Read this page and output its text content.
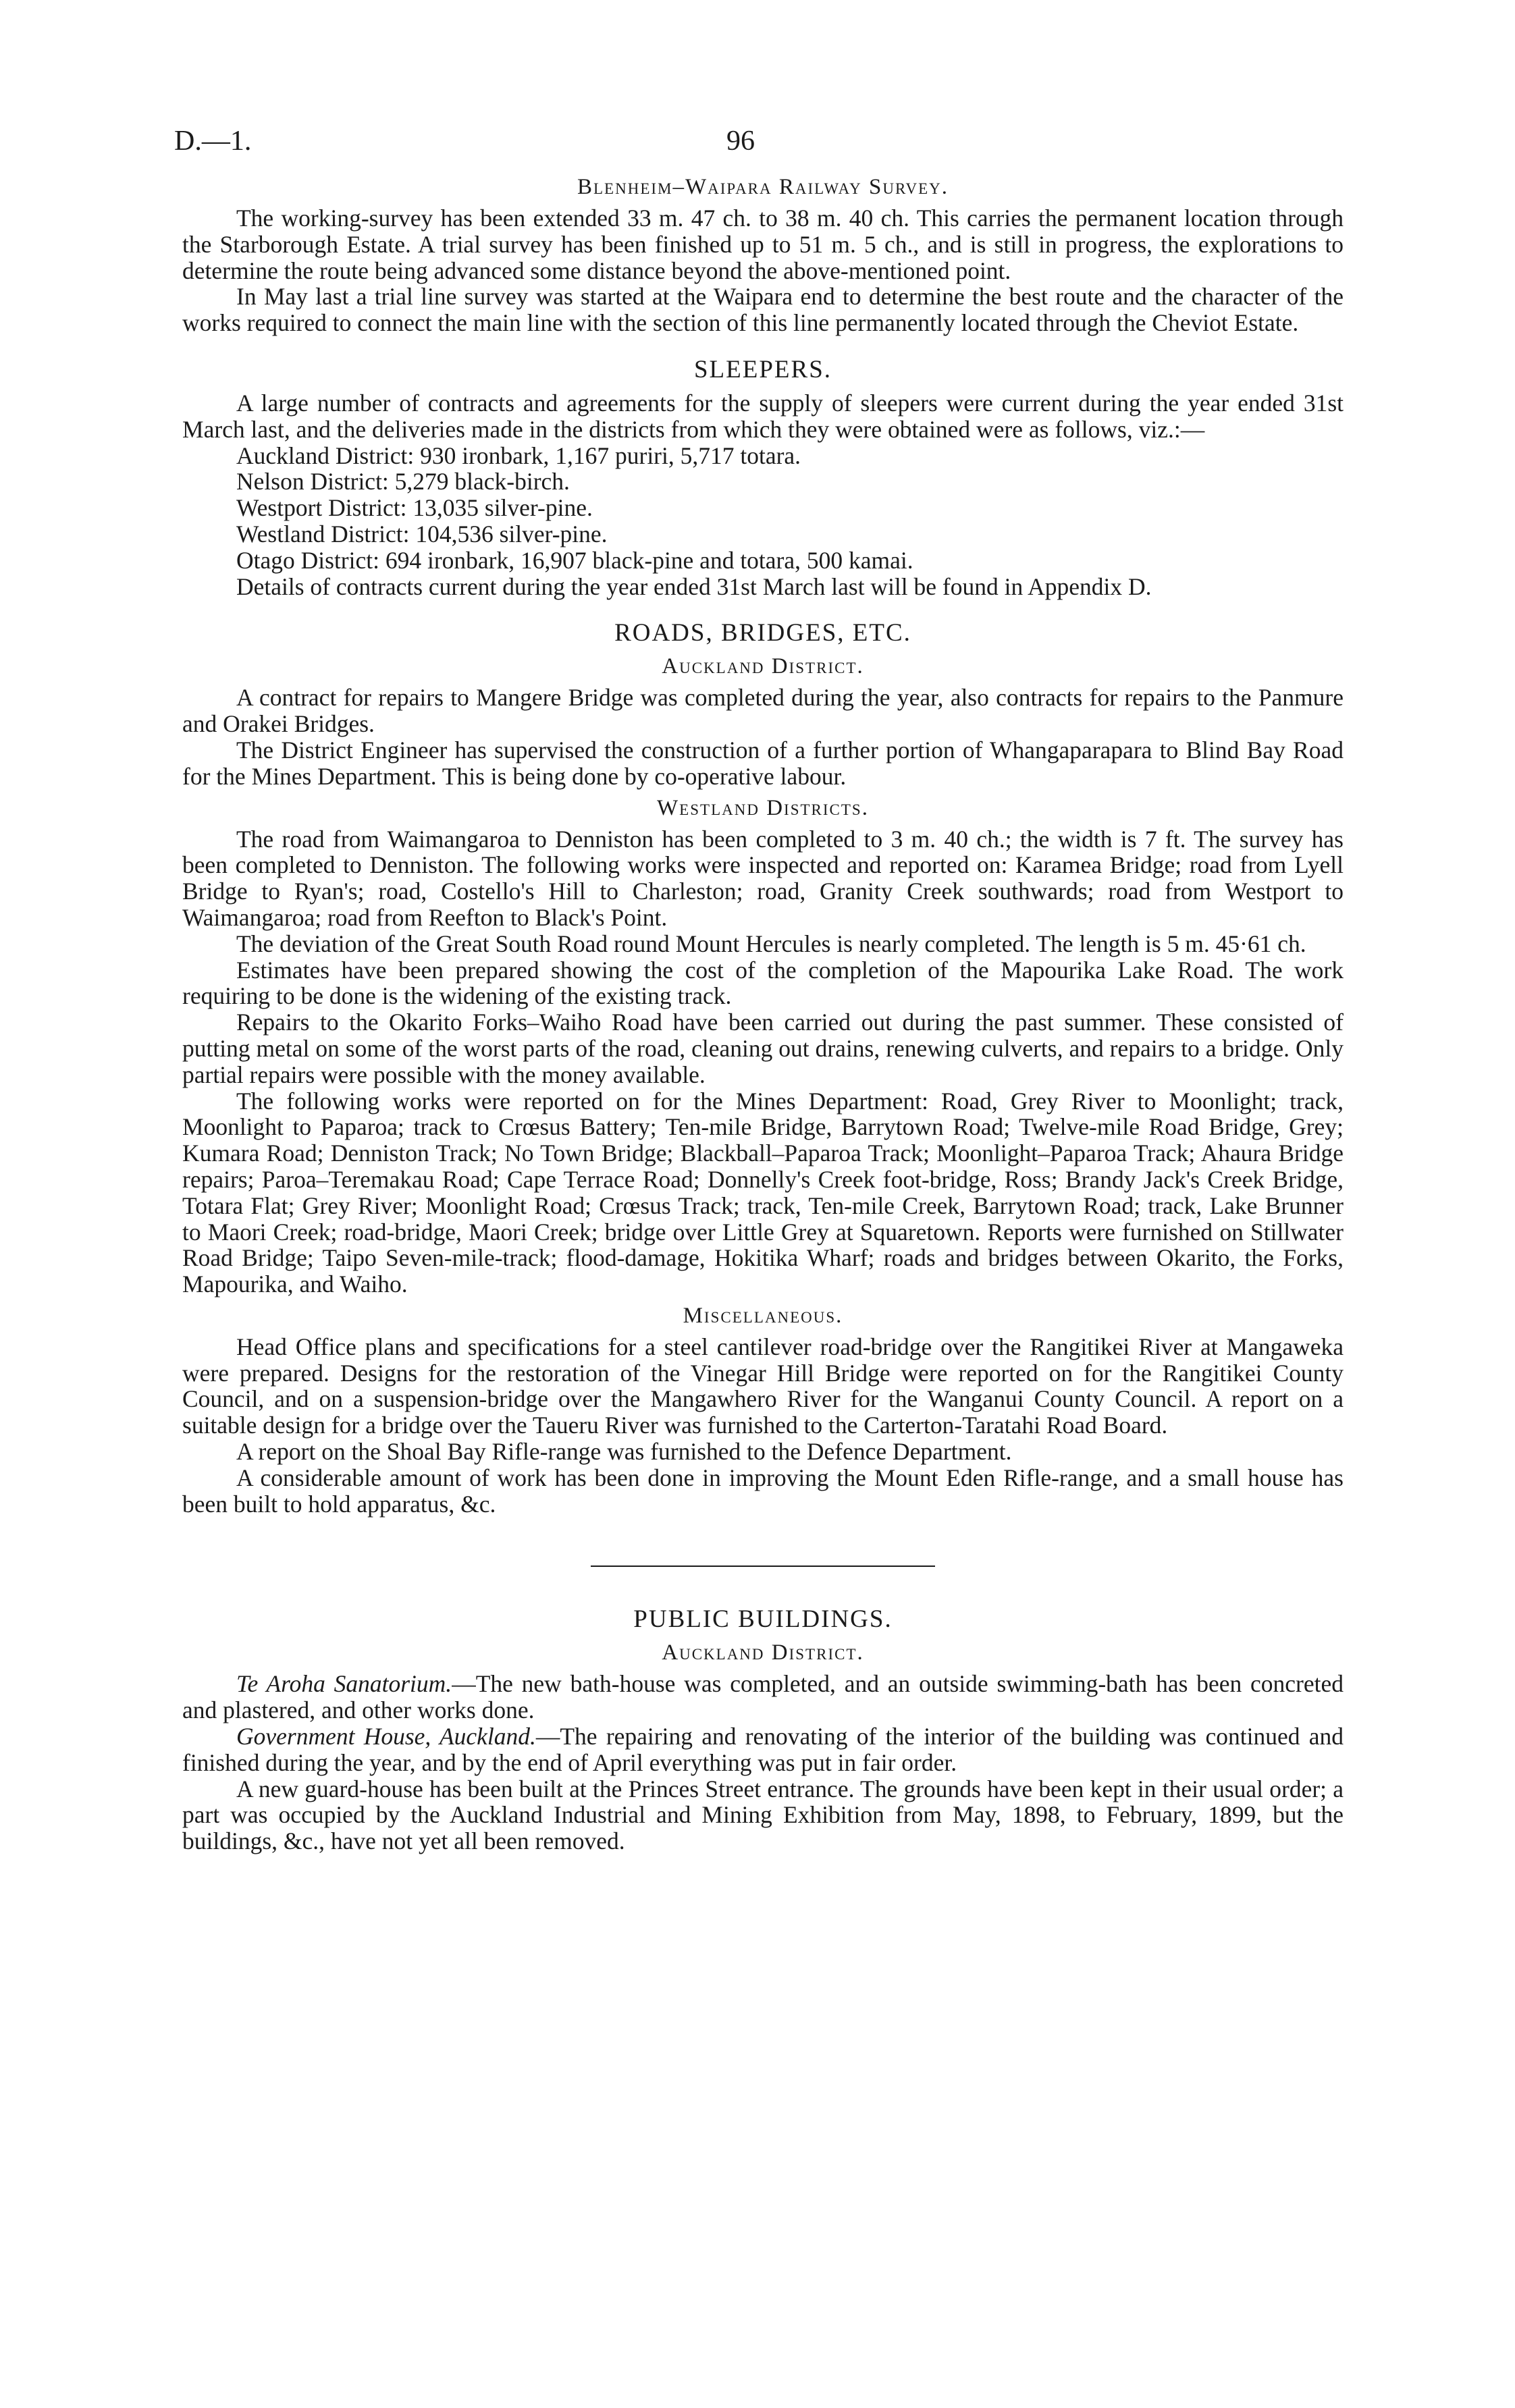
D.—1.	96
Blenheim–Waipara Railway Survey.

The working-survey has been extended 33 m. 47 ch. to 38 m. 40 ch. This carries the permanent location through the Starborough Estate. A trial survey has been finished up to 51 m. 5 ch., and is still in progress, the explorations to determine the route being advanced some distance beyond the above-mentioned point.

In May last a trial line survey was started at the Waipara end to determine the best route and the character of the works required to connect the main line with the section of this line permanently located through the Cheviot Estate.

SLEEPERS.

A large number of contracts and agreements for the supply of sleepers were current during the year ended 31st March last, and the deliveries made in the districts from which they were obtained were as follows, viz.:—

Auckland District: 930 ironbark, 1,167 puriri, 5,717 totara.

Nelson District: 5,279 black-birch.

Westport District: 13,035 silver-pine.

Westland District: 104,536 silver-pine.

Otago District: 694 ironbark, 16,907 black-pine and totara, 500 kamai.

Details of contracts current during the year ended 31st March last will be found in Appendix D.

ROADS, BRIDGES, ETC.
Auckland District.

A contract for repairs to Mangere Bridge was completed during the year, also contracts for repairs to the Panmure and Orakei Bridges.

The District Engineer has supervised the construction of a further portion of Whangaparapara to Blind Bay Road for the Mines Department. This is being done by co-operative labour.

Westland Districts.

The road from Waimangaroa to Denniston has been completed to 3 m. 40 ch.; the width is 7 ft. The survey has been completed to Denniston. The following works were inspected and reported on: Karamea Bridge; road from Lyell Bridge to Ryan's; road, Costello's Hill to Charleston; road, Granity Creek southwards; road from Westport to Waimangaroa; road from Reefton to Black's Point.

The deviation of the Great South Road round Mount Hercules is nearly completed. The length is 5 m. 45·61 ch.

Estimates have been prepared showing the cost of the completion of the Mapourika Lake Road. The work requiring to be done is the widening of the existing track.

Repairs to the Okarito Forks–Waiho Road have been carried out during the past summer. These consisted of putting metal on some of the worst parts of the road, cleaning out drains, renewing culverts, and repairs to a bridge. Only partial repairs were possible with the money available.

The following works were reported on for the Mines Department: Road, Grey River to Moonlight; track, Moonlight to Paparoa; track to Crœsus Battery; Ten-mile Bridge, Barrytown Road; Twelve-mile Road Bridge, Grey; Kumara Road; Denniston Track; No Town Bridge; Blackball–Paparoa Track; Moonlight–Paparoa Track; Ahaura Bridge repairs; Paroa–Teremakau Road; Cape Terrace Road; Donnelly's Creek foot-bridge, Ross; Brandy Jack's Creek Bridge, Totara Flat; Grey River; Moonlight Road; Crœsus Track; track, Ten-mile Creek, Barrytown Road; track, Lake Brunner to Maori Creek; road-bridge, Maori Creek; bridge over Little Grey at Squaretown. Reports were furnished on Stillwater Road Bridge; Taipo Seven-mile-track; flood-damage, Hokitika Wharf; roads and bridges between Okarito, the Forks, Mapourika, and Waiho.

Miscellaneous.

Head Office plans and specifications for a steel cantilever road-bridge over the Rangitikei River at Mangaweka were prepared. Designs for the restoration of the Vinegar Hill Bridge were reported on for the Rangitikei County Council, and on a suspension-bridge over the Mangawhero River for the Wanganui County Council. A report on a suitable design for a bridge over the Taueru River was furnished to the Carterton-Taratahi Road Board.

A report on the Shoal Bay Rifle-range was furnished to the Defence Department.

A considerable amount of work has been done in improving the Mount Eden Rifle-range, and a small house has been built to hold apparatus, &c.

PUBLIC BUILDINGS.
Auckland District.

Te Aroha Sanatorium.—The new bath-house was completed, and an outside swimming-bath has been concreted and plastered, and other works done.

Government House, Auckland.—The repairing and renovating of the interior of the building was continued and finished during the year, and by the end of April everything was put in fair order.

A new guard-house has been built at the Princes Street entrance. The grounds have been kept in their usual order; a part was occupied by the Auckland Industrial and Mining Exhibition from May, 1898, to February, 1899, but the buildings, &c., have not yet all been removed.
